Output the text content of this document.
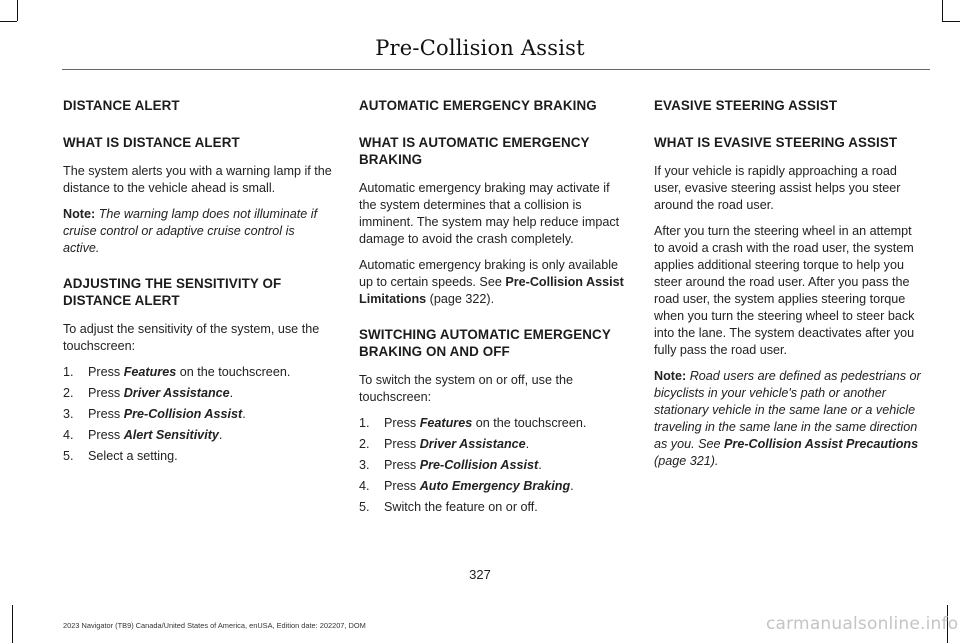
Pre-Collision Assist
DISTANCE ALERT
WHAT IS DISTANCE ALERT

The system alerts you with a warning lamp if the distance to the vehicle ahead is small.

Note: The warning lamp does not illuminate if cruise control or adaptive cruise control is active.

ADJUSTING THE SENSITIVITY OF DISTANCE ALERT

To adjust the sensitivity of the system, use the touchscreen:

1.	Press Features on the touchscreen.
2.	Press Driver Assistance.
3.	Press Pre-Collision Assist.
4.	Press Alert Sensitivity.
5.	Select a setting.
AUTOMATIC EMERGENCY BRAKING
WHAT IS AUTOMATIC EMERGENCY BRAKING

Automatic emergency braking may activate if the system determines that a collision is imminent. The system may help reduce impact damage to avoid the crash completely.

Automatic emergency braking is only available up to certain speeds. See Pre-Collision Assist Limitations (page 322).

SWITCHING AUTOMATIC EMERGENCY BRAKING ON AND OFF

To switch the system on or off, use the touchscreen:

1.	Press Features on the touchscreen.
2.	Press Driver Assistance.
3.	Press Pre-Collision Assist.
4.	Press Auto Emergency Braking.
5.	Switch the feature on or off.
EVASIVE STEERING ASSIST
WHAT IS EVASIVE STEERING ASSIST

If your vehicle is rapidly approaching a road user, evasive steering assist helps you steer around the road user.

After you turn the steering wheel in an attempt to avoid a crash with the road user, the system applies additional steering torque to help you steer around the road user. After you pass the road user, the system applies steering torque when you turn the steering wheel to steer back into the lane. The system deactivates after you fully pass the road user.

Note: Road users are defined as pedestrians or bicyclists in your vehicle's path or another stationary vehicle in the same lane or a vehicle traveling in the same lane in the same direction as you. See Pre-Collision Assist Precautions (page 321).

327
2023 Navigator (TB9) Canada/United States of America, enUSA, Edition date: 202207, DOM	carmanualsonline.info
